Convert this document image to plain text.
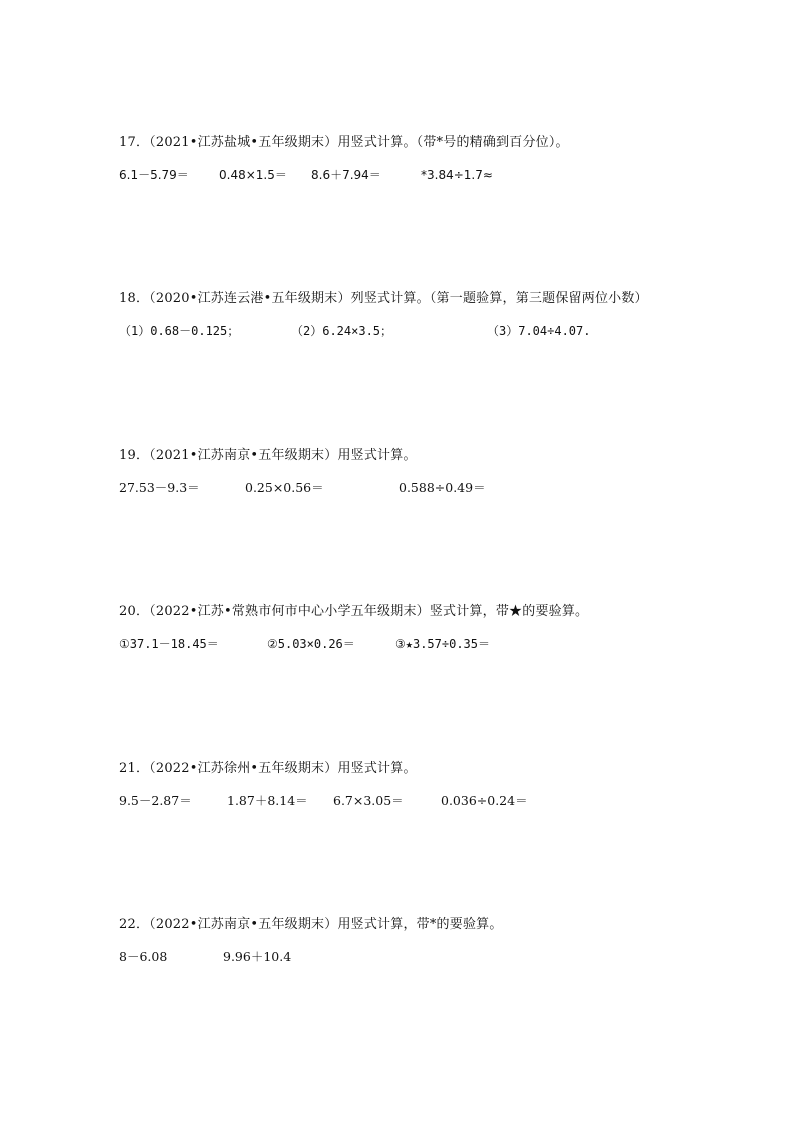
17．（2021•江苏盐城•五年级期末）用竖式计算。（带*号的精确到百分位）。
6.1－5.79＝	0.48×1.5＝ 8.6＋7.94＝	*3.84÷1.7≈
18．（2020•江苏连云港•五年级期末）列竖式计算。（第一题验算，第三题保留两位小数）
（1）0.68－0.125；	（2）6.24×3.5；	（3）7.04÷4.07.
19．（2021•江苏南京•五年级期末）用竖式计算。
27.53－9.3＝	0.25×0.56＝	0.588÷0.49＝
20．（2022•江苏•常熟市何市中心小学五年级期末）竖式计算，带★的要验算。
①37.1－18.45＝	②5.03×0.26＝	③★3.57÷0.35＝
21．（2022•江苏徐州•五年级期末）用竖式计算。
9.5－2.87＝	1.87＋8.14＝ 6.7×3.05＝	0.036÷0.24＝
22．（2022•江苏南京•五年级期末）用竖式计算，带*的要验算。
8－6.08	9.96＋10.4
